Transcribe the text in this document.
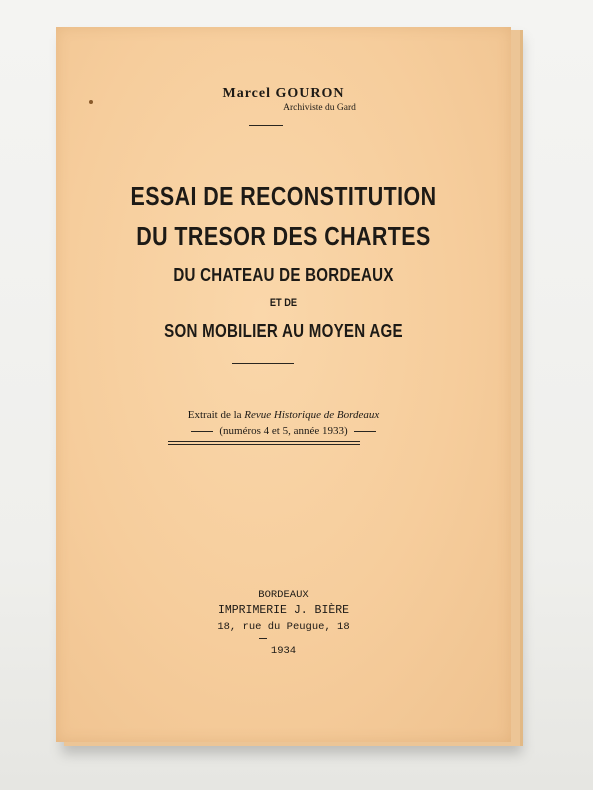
Marcel GOURON
Archiviste du Gard
ESSAI DE RECONSTITUTION
DU TRESOR DES CHARTES
DU CHATEAU DE BORDEAUX
ET DE
SON MOBILIER AU MOYEN AGE
Extrait de la Revue Historique de Bordeaux
(numéros 4 et 5, année 1933)
BORDEAUX
IMPRIMERIE J. BIÈRE
18, rue du Peugue, 18
1934
